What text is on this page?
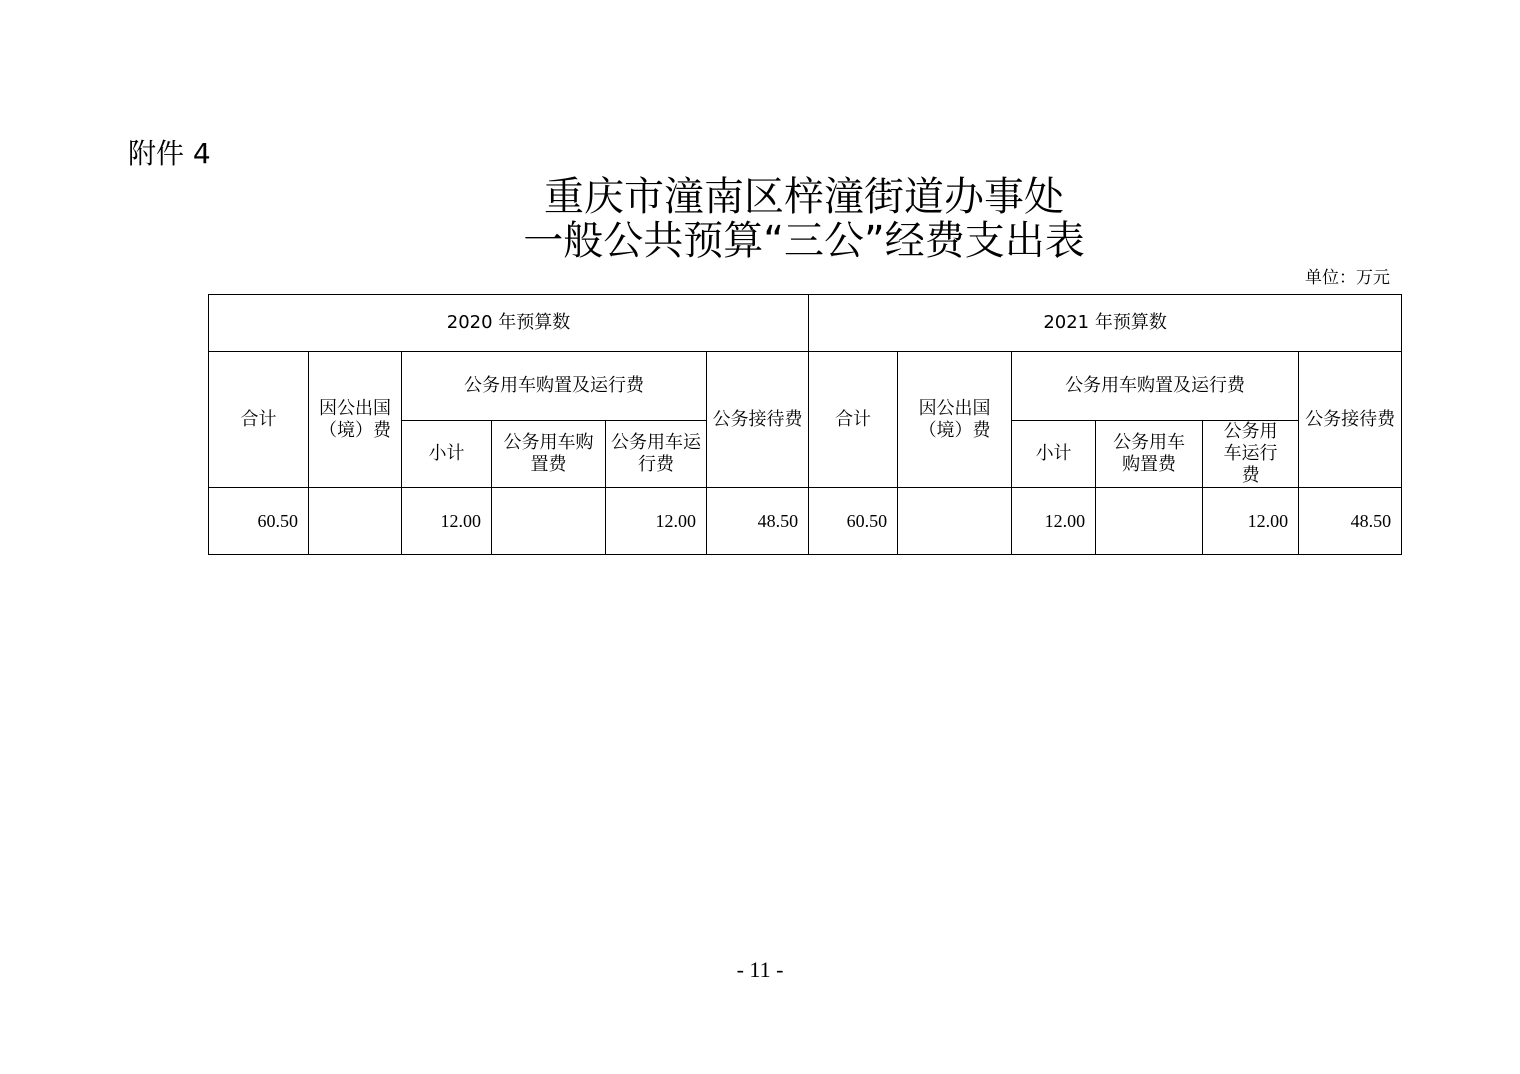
附件 4
重庆市潼南区梓潼街道办事处
一般公共预算“三公”经费支出表
单位：万元
2020 年预算数						2021 年预算数					
合计	因公出国（境）费	公务用车购置及运行费			公务接待费	合计	因公出国（境）费	公务用车购置及运行费			公务接待费
		小计	公务用车购置费	公务用车运行费				小计	公务用车购置费	公务用车运行费	
60.50		12.00		12.00	48.50	60.50		12.00		12.00	48.50
- 11 -
